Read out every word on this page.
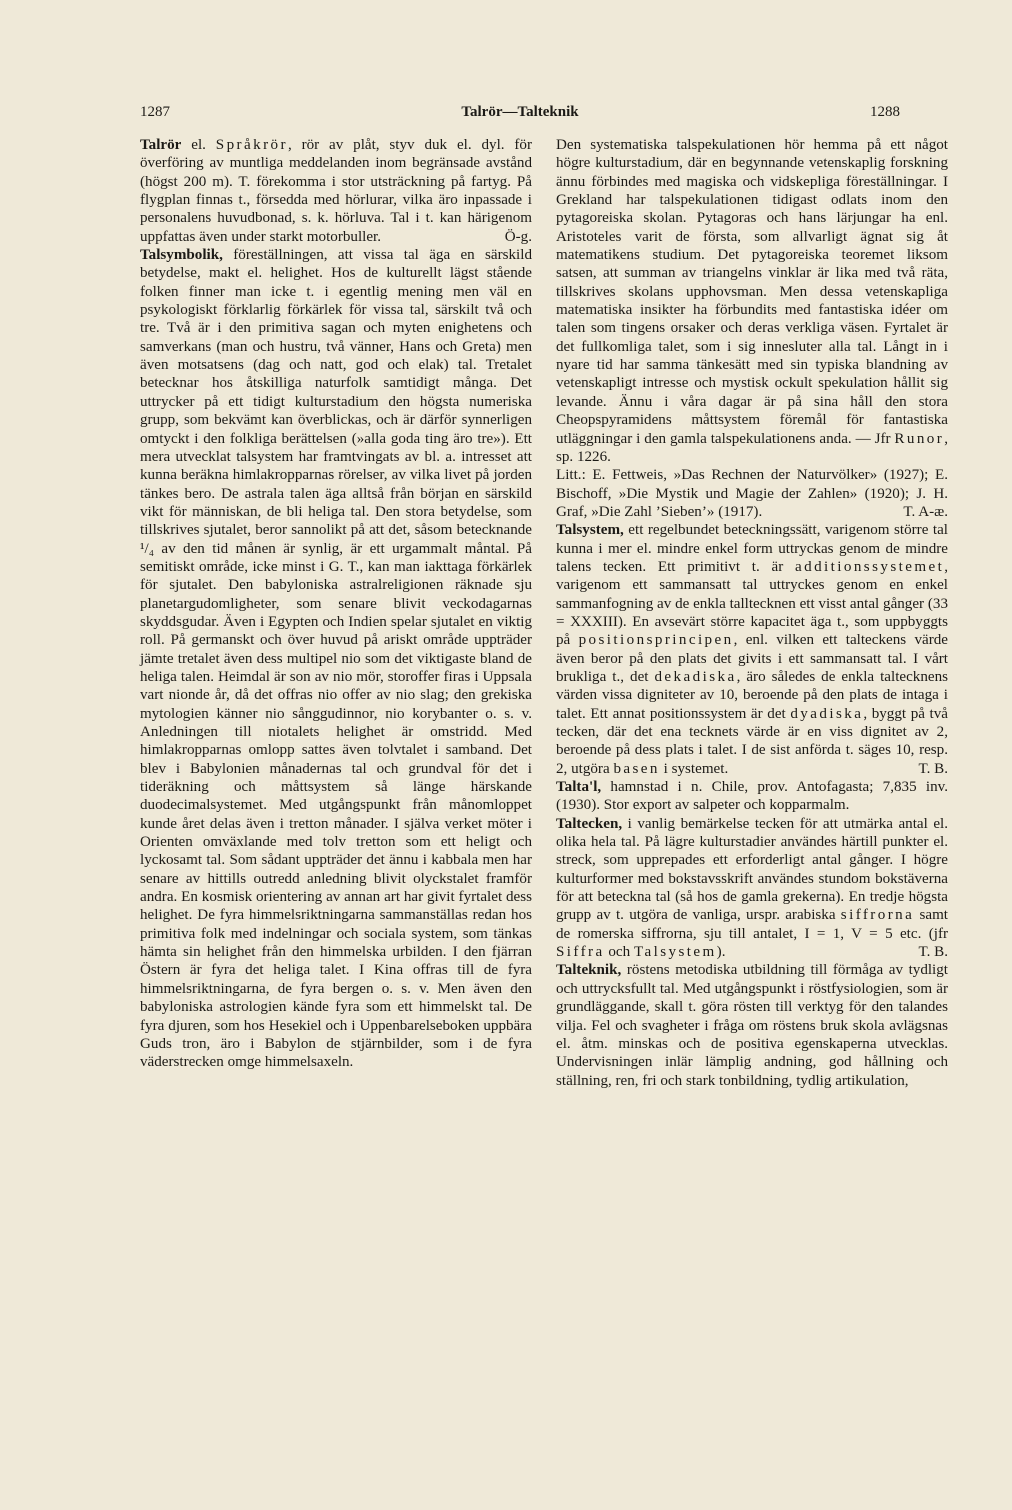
1287	Talrör—Talteknik	1288

Talrör el. Språkrör, rör av plåt, styv duk el. dyl. för överföring av muntliga meddelanden inom begränsade avstånd (högst 200 m). T. förekomma i stor utsträckning på fartyg. På flygplan finnas t., försedda med hörlurar, vilka äro inpassade i personalens huvudbonad, s. k. hörluva. Tal i t. kan härigenom uppfattas även under starkt motorbuller.	Ö-g.

Talsymbolik, föreställningen, att vissa tal äga en särskild betydelse, makt el. helighet. Hos de kulturellt lägst stående folken finner man icke t. i egentlig mening men väl en psykologiskt förklarlig förkärlek för vissa tal, särskilt två och tre. Två är i den primitiva sagan och myten enighetens och samverkans (man och hustru, två vänner, Hans och Greta) men även motsatsens (dag och natt, god och elak) tal. Tretalet betecknar hos åtskilliga naturfolk samtidigt många. Det uttrycker på ett tidigt kulturstadium den högsta numeriska grupp, som bekvämt kan överblickas, och är därför synnerligen omtyckt i den folkliga berättelsen (»alla goda ting äro tre»). Ett mera utvecklat talsystem har framtvingats av bl. a. intresset att kunna beräkna himlakropparnas rörelser, av vilka livet på jorden tänkes bero. De astrala talen äga alltså från början en särskild vikt för människan, de bli heliga tal. Den stora betydelse, som tillskrives sjutalet, beror sannolikt på att det, såsom betecknande ¹/₄ av den tid månen är synlig, är ett urgammalt måntal. På semitiskt område, icke minst i G. T., kan man iakttaga förkärlek för sjutalet. Den babyloniska astralreligionen räknade sju planetargudomligheter, som senare blivit veckodagarnas skyddsgudar. Även i Egypten och Indien spelar sjutalet en viktig roll. På germanskt och över huvud på ariskt område uppträder jämte tretalet även dess multipel nio som det viktigaste bland de heliga talen. Heimdal är son av nio mör, storoffer firas i Uppsala vart nionde år, då det offras nio offer av nio slag; den grekiska mytologien känner nio sånggudinnor, nio korybanter o. s. v. Anledningen till niotalets helighet är omstridd. Med himlakropparnas omlopp sattes även tolvtalet i samband. Det blev i Babylonien månadernas tal och grundval för det i tideräkning och måttsystem så länge härskande duodecimalsystemet. Med utgångspunkt från månomloppet kunde året delas även i tretton månader. I själva verket möter i Orienten omväxlande med tolv tretton som ett heligt och lyckosamt tal. Som sådant uppträder det ännu i kabbala men har senare av hittills outredd anledning blivit olyckstalet framför andra. En kosmisk orientering av annan art har givit fyrtalet dess helighet. De fyra himmelsriktningarna sammanställas redan hos primitiva folk med indelningar och sociala system, som tänkas hämta sin helighet från den himmelska urbilden. I den fjärran Östern är fyra det heliga talet. I Kina offras till de fyra himmelsriktningarna, de fyra bergen o. s. v. Men även den babyloniska astrologien kände fyra som ett himmelskt tal. De fyra djuren, som hos Hesekiel och i Uppenbarelseboken uppbära Guds tron, äro i Babylon de stjärnbilder, som i de fyra väderstrecken omge himmelsaxeln.

Den systematiska talspekulationen hör hemma på ett något högre kulturstadium, där en begynnande vetenskaplig forskning ännu förbindes med magiska och vidskepliga föreställningar. I Grekland har talspekulationen tidigast odlats inom den pytagoreiska skolan. Pytagoras och hans lärjungar ha enl. Aristoteles varit de första, som allvarligt ägnat sig åt matematikens studium. Det pytagoreiska teoremet liksom satsen, att summan av triangelns vinklar är lika med två räta, tillskrives skolans upphovsman. Men dessa vetenskapliga matematiska insikter ha förbundits med fantastiska idéer om talen som tingens orsaker och deras verkliga väsen. Fyrtalet är det fullkomliga talet, som i sig innesluter alla tal. Långt in i nyare tid har samma tänkesätt med sin typiska blandning av vetenskapligt intresse och mystisk ockult spekulation hållit sig levande. Ännu i våra dagar är på sina håll den stora Cheopspyramidens måttsystem föremål för fantastiska utläggningar i den gamla talspekulationens anda. — Jfr Runor, sp. 1226.

Litt.: E. Fettweis, »Das Rechnen der Naturvölker» (1927); E. Bischoff, »Die Mystik und Magie der Zahlen» (1920); J. H. Graf, »Die Zahl ’Sieben’» (1917).	T. A-æ.

Talsystem, ett regelbundet beteckningssätt, varigenom större tal kunna i mer el. mindre enkel form uttryckas genom de mindre talens tecken. Ett primitivt t. är additionssystemet, varigenom ett sammansatt tal uttryckes genom en enkel sammanfogning av de enkla talltecknen ett visst antal gånger (33 = XXXIII). En avsevärt större kapacitet äga t., som uppbyggts på positionsprincipen, enl. vilken ett talteckens värde även beror på den plats det givits i ett sammansatt tal. I vårt brukliga t., det dekadiska, äro således de enkla taltecknens värden vissa digniteter av 10, beroende på den plats de intaga i talet. Ett annat positionssystem är det dyadiska, byggt på två tecken, där det ena tecknets värde är en viss dignitet av 2, beroende på dess plats i talet. I de sist anförda t. säges 10, resp. 2, utgöra basen i systemet.	T. B.

Talta'l, hamnstad i n. Chile, prov. Antofagasta; 7,835 inv. (1930). Stor export av salpeter och kopparmalm.

Taltecken, i vanlig bemärkelse tecken för att utmärka antal el. olika hela tal. På lägre kulturstadier användes härtill punkter el. streck, som upprepades ett erforderligt antal gånger. I högre kulturformer med bokstavsskrift användes stundom bokstäverna för att beteckna tal (så hos de gamla grekerna). En tredje högsta grupp av t. utgöra de vanliga, urspr. arabiska siffrorna samt de romerska siffrorna, sju till antalet, I = 1, V = 5 etc. (jfr Siffra och Talsystem).	T. B.

Talteknik, röstens metodiska utbildning till förmåga av tydligt och uttrycksfullt tal. Med utgångspunkt i röstfysiologien, som är grundläggande, skall t. göra rösten till verktyg för den talandes vilja. Fel och svagheter i fråga om röstens bruk skola avlägsnas el. åtm. minskas och de positiva egenskaperna utvecklas. Undervisningen inlär lämplig andning, god hållning och ställning, ren, fri och stark tonbildning, tydlig artikulation,
